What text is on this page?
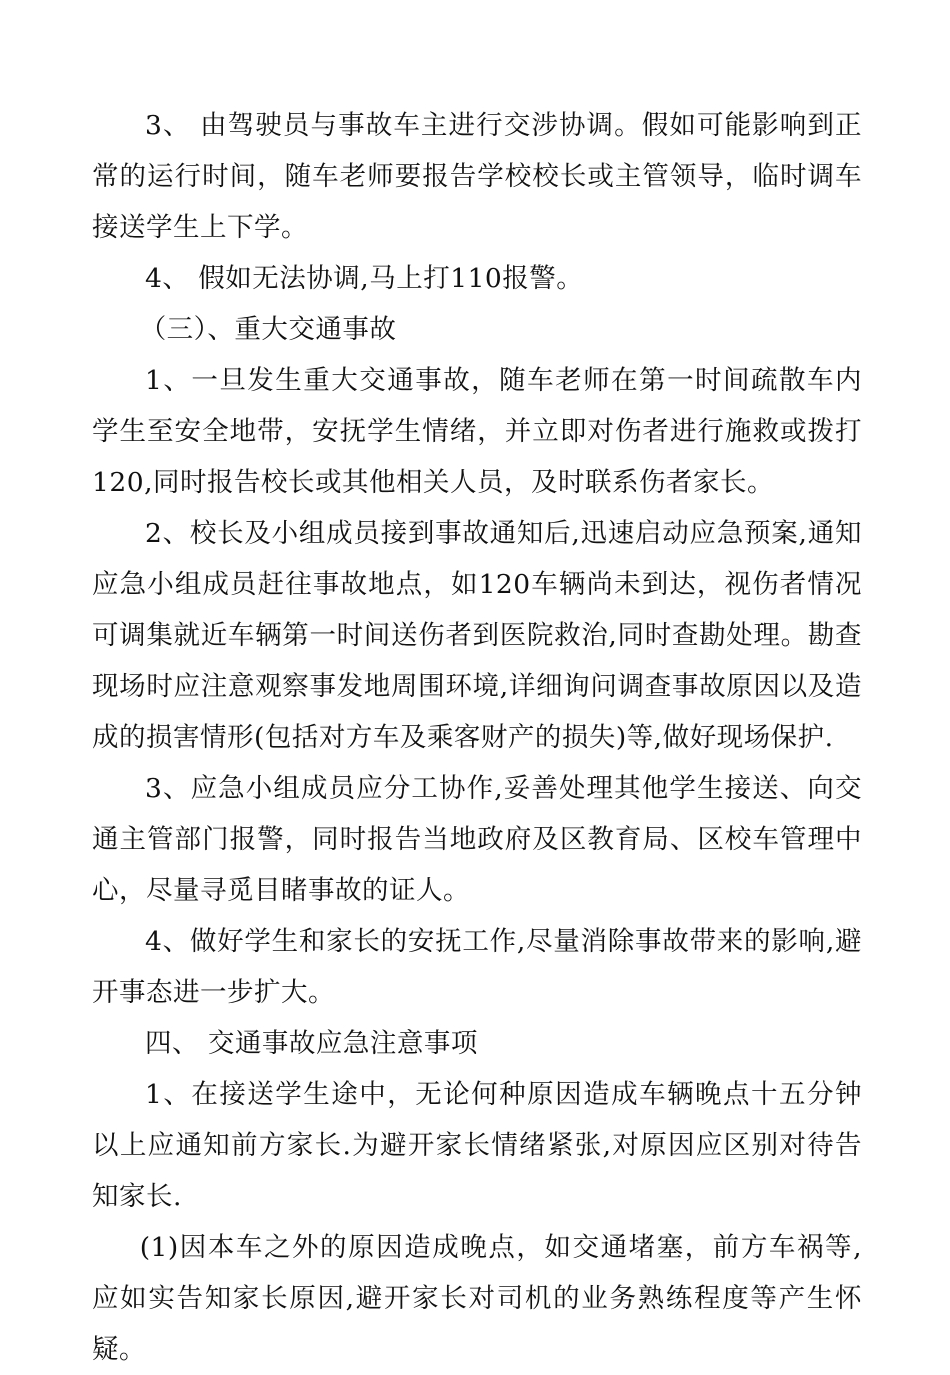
3、 由驾驶员与事故车主进行交涉协调。假如可能影响到正常的运行时间，随车老师要报告学校校长或主管领导，临时调车接送学生上下学。

4、 假如无法协调,马上打110报警。

（三）、重大交通事故

1、一旦发生重大交通事故，随车老师在第一时间疏散车内学生至安全地带，安抚学生情绪，并立即对伤者进行施救或拨打120,同时报告校长或其他相关人员，及时联系伤者家长。

2、校长及小组成员接到事故通知后,迅速启动应急预案,通知应急小组成员赶往事故地点，如120车辆尚未到达，视伤者情况可调集就近车辆第一时间送伤者到医院救治,同时查勘处理。勘查现场时应注意观察事发地周围环境,详细询问调查事故原因以及造成的损害情形(包括对方车及乘客财产的损失)等,做好现场保护.

3、应急小组成员应分工协作,妥善处理其他学生接送、向交通主管部门报警，同时报告当地政府及区教育局、区校车管理中心，尽量寻觅目睹事故的证人。

4、做好学生和家长的安抚工作,尽量消除事故带来的影响,避开事态进一步扩大。

四、 交通事故应急注意事项

1、在接送学生途中，无论何种原因造成车辆晚点十五分钟以上应通知前方家长.为避开家长情绪紧张,对原因应区别对待告知家长.

(1)因本车之外的原因造成晚点，如交通堵塞，前方车祸等,应如实告知家长原因,避开家长对司机的业务熟练程度等产生怀疑。
